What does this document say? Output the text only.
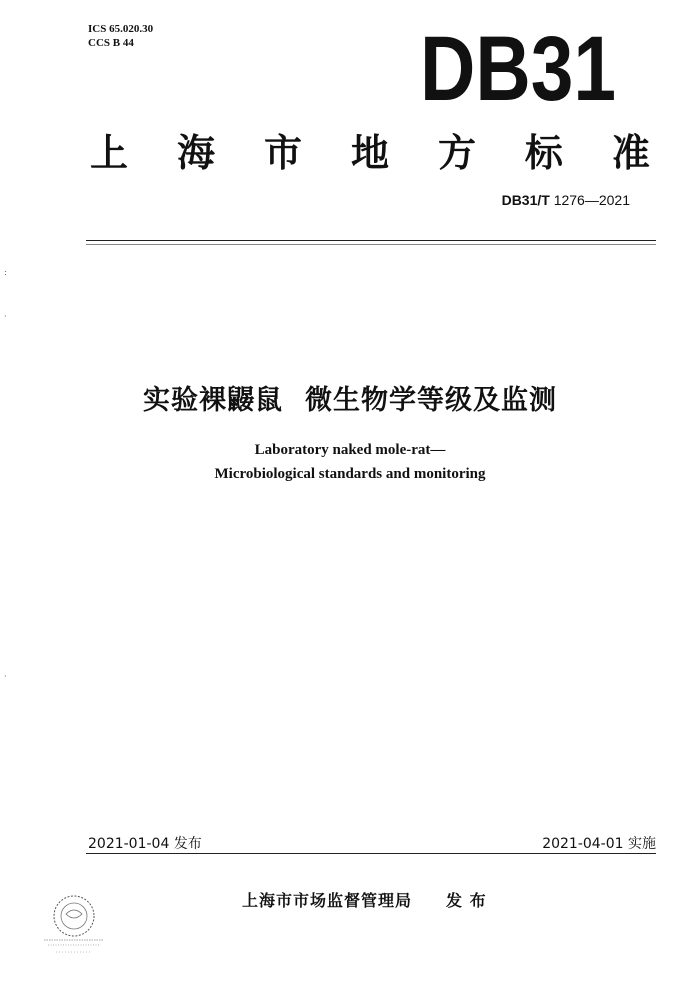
ICS 65.020.30
CCS B 44	DB31
上 海 市 地 方 标 准
DB31/T 1276—2021
实验裸鼹鼠 微生物学等级及监测
Laboratory naked mole-rat—
Microbiological standards and monitoring
2021-01-04 发布	2021-04-01 实施
上海市市场监督管理局 发 布
:
·
·
